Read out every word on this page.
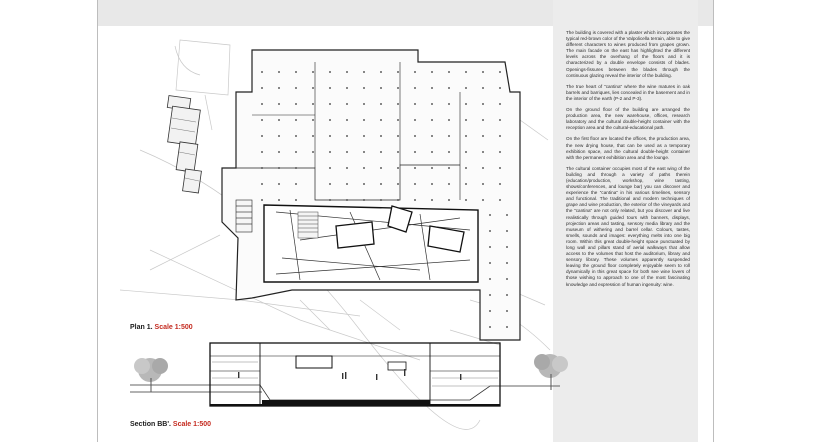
Plan 1. Scale 1:500
Section BB'. Scale 1:500

The building is covered with a plaster which incorporates the typical red-brown color of the Valpolicella terrain, able to give different characters to wines produced from grapes grown. The main facade on the east has highlighted the different levels across the overhang of the floors and it is characterized by a double envelope consists of blades. Openings-fissures between the blades through the continuous glazing reveal the interior of the building.

The true heart of "cantina" where the wine matures in oak barrels and barriques, lies concealed in the basement and in the interior of the earth (P-2 and P-3).

On the ground floor of the building are arranged the production area, the new warehouse, offices, research laboratory and the cultural double-height container with the reception area and the cultural-educational path.

On the first floor are located the offices, the production area, the new drying house, that can be used as a temporary exhibition space, and the cultural double-height container with the permanent exhibition area and the lounge.

The cultural container occupies most of the east wing of the building and through a variety of paths therein (education/production, workshop, wine tasting, shows/conferences, and lounge bar) you can discover and experience the "cantina" in his various timelines, sensory and functional. The traditional and modern techniques of grape and wine production, the exterior of the vineyards and the "cantina" are not only related, but you discover and live realistically through guided tours with banners, displays, projection areas and tasting, sensory media library and the museum of withering and barrel cellar. Colours, tastes, smells, sounds and images: everything melts into one big room. Within this great double-height space punctuated by long wall and pillars stand of aerial walkways that allow access to the volumes that host the auditorium, library and sensory library. These volumes apparently suspended leaving the ground floor completely enjoyable seem to roll dynamically in this great space for both see wine lovers of those wishing to approach to one of the most fascinating knowledge and expression of human ingenuity: wine.
